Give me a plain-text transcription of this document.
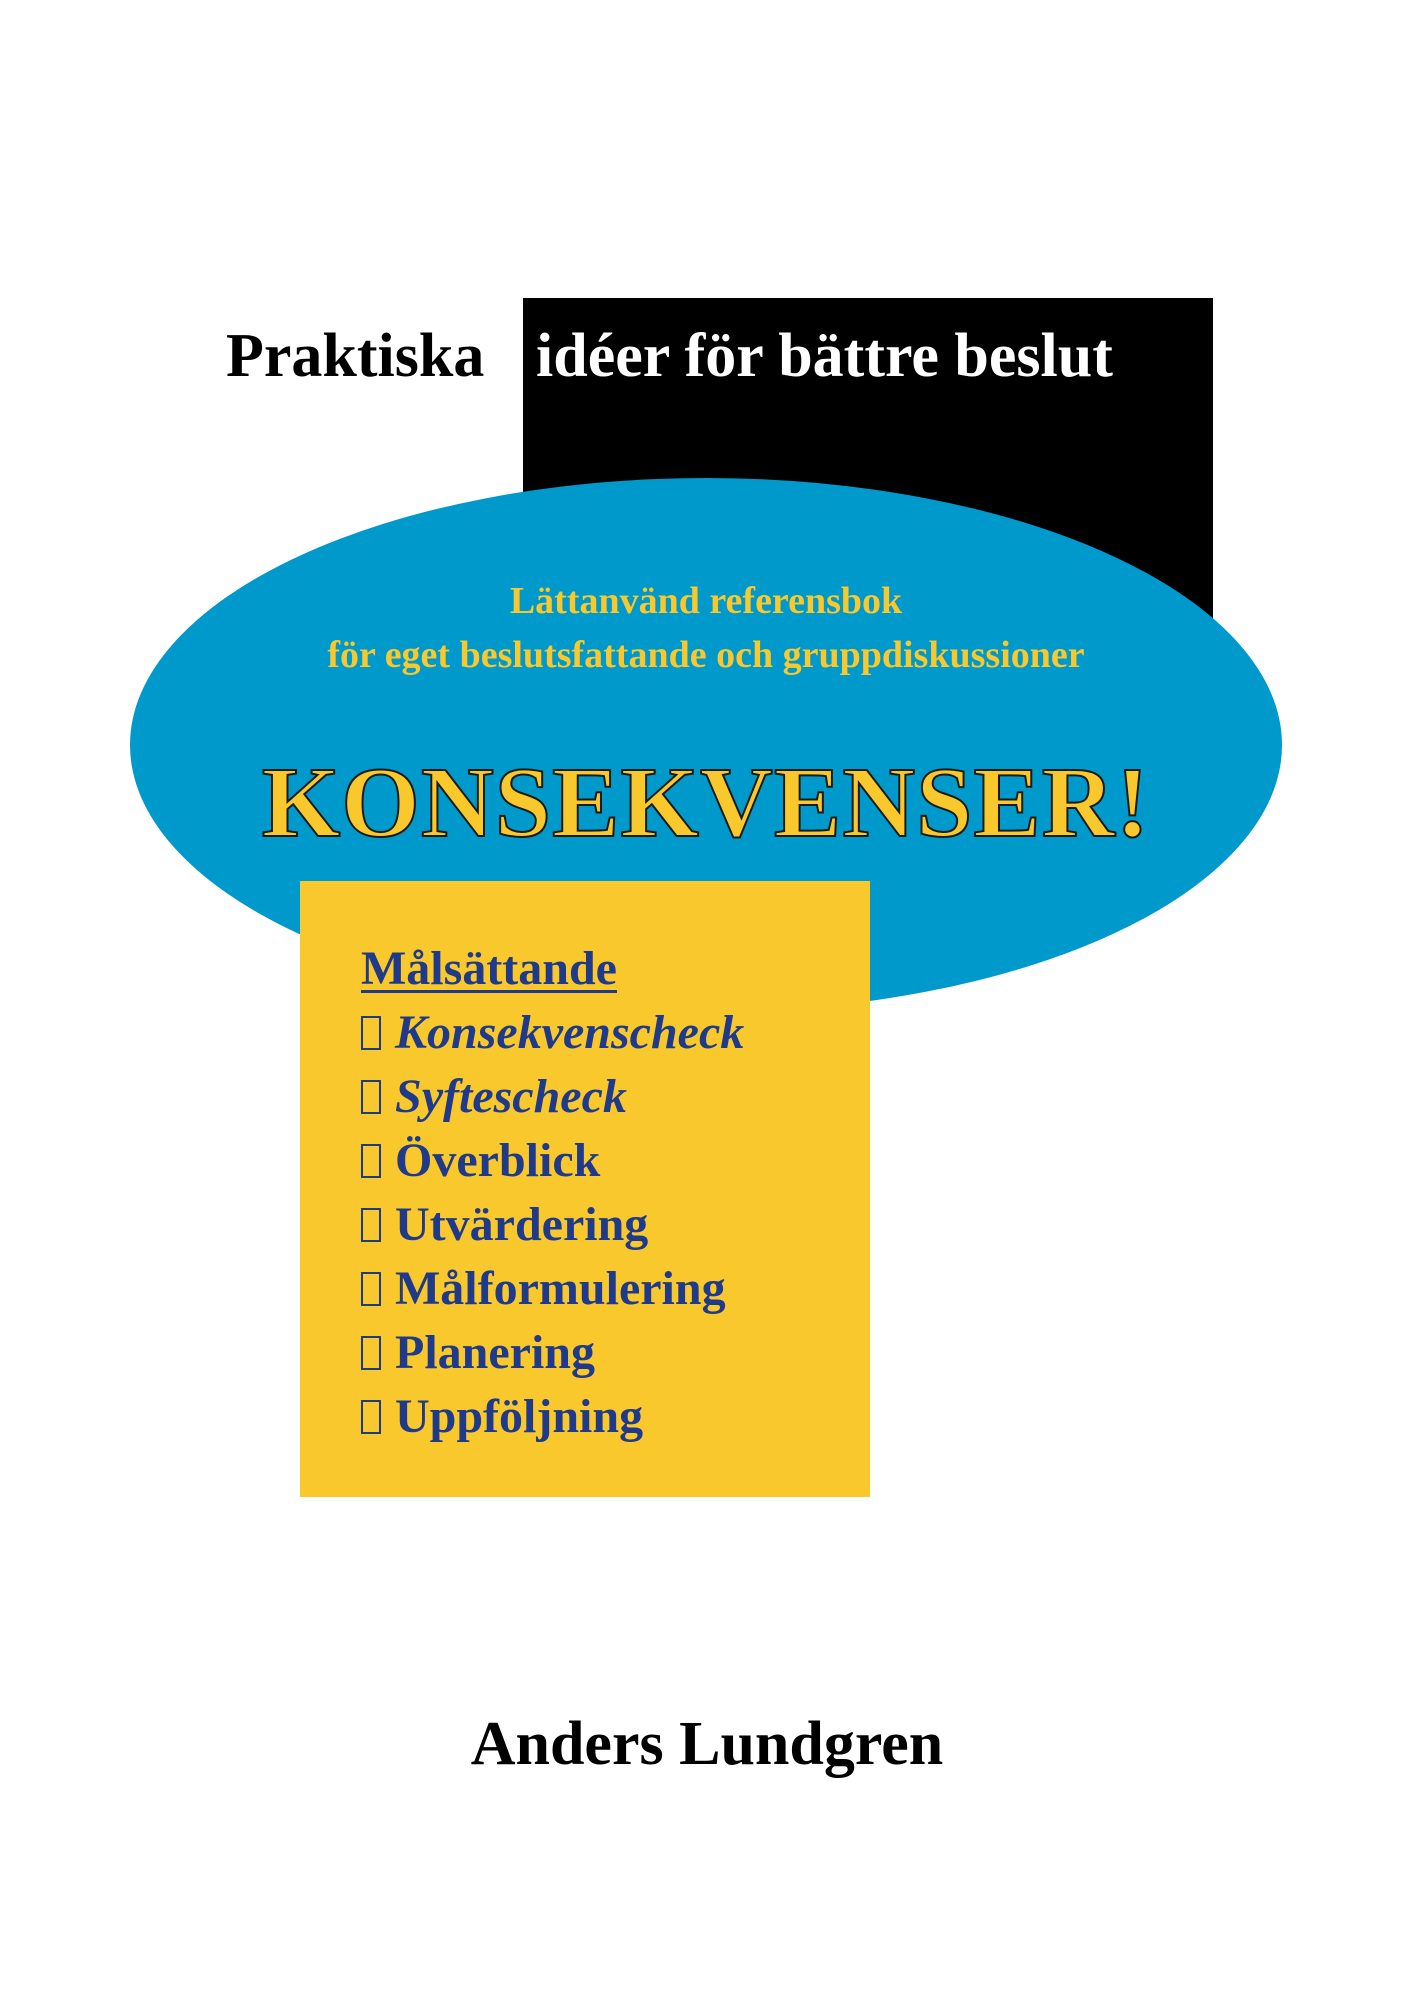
Praktiska idéer för bättre beslut
Lättanvänd referensbok
för eget beslutsfattande och gruppdiskussioner
KONSEKVENSER!
Målsättande
Konsekvenscheck
Syftescheck
Överblick
Utvärdering
Målformulering
Planering
Uppföljning
Anders Lundgren
